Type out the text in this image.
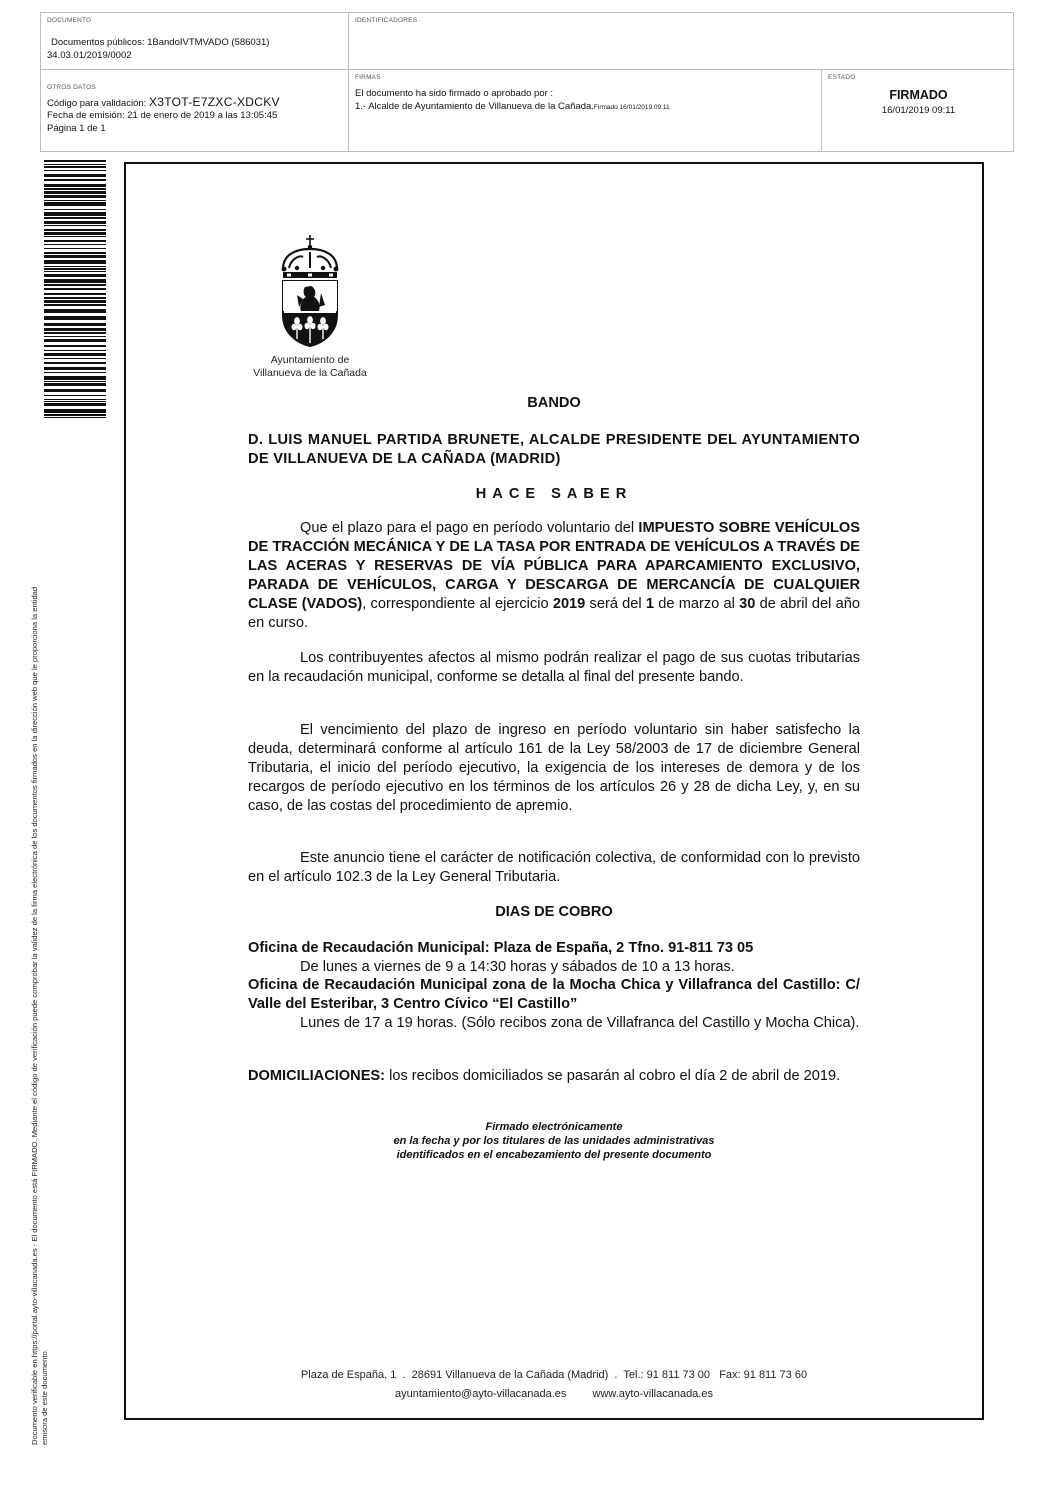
DOCUMENTO
Documentos públicos: 1BandoIVTMVADO (586031)
34.03.01/2019/0002
IDENTIFICADORES
OTROS DATOS
Código para validación: X3TOT-E7ZXC-XDCKV
Fecha de emisión: 21 de enero de 2019 a las 13:05:45
Página 1 de 1
FIRMAS
El documento ha sido firmado o aprobado por :
1.- Alcalde de Ayuntamiento de Villanueva de la Cañada.Firmado 16/01/2019 09:11
ESTADO
FIRMADO
16/01/2019 09:11
Documento verificable en https://portal.ayto-villacanada.es - El documento está FIRMADO. Mediante el código de verificación puede comprobar la validez de la firma electrónica de los documentos firmados en la dirección web que le proporciona la entidad emisora de este documento.
Ayuntamiento de
Villanueva de la Cañada
BANDO
D. LUIS MANUEL PARTIDA BRUNETE, ALCALDE PRESIDENTE DEL AYUNTAMIENTO DE VILLANUEVA DE LA CAÑADA (MADRID)
HACE SABER
Que el plazo para el pago en período voluntario del IMPUESTO SOBRE VEHÍCULOS DE TRACCIÓN MECÁNICA Y DE LA TASA POR ENTRADA DE VEHÍCULOS A TRAVÉS DE LAS ACERAS Y RESERVAS DE VÍA PÚBLICA PARA APARCAMIENTO EXCLUSIVO, PARADA DE VEHÍCULOS, CARGA Y DESCARGA DE MERCANCÍA DE CUALQUIER CLASE (VADOS), correspondiente al ejercicio 2019 será del 1 de marzo al 30 de abril del año en curso.
Los contribuyentes afectos al mismo podrán realizar el pago de sus cuotas tributarias en la recaudación municipal, conforme se detalla al final del presente bando.
El vencimiento del plazo de ingreso en período voluntario sin haber satisfecho la deuda, determinará conforme al artículo 161 de la Ley 58/2003 de 17 de diciembre General Tributaria, el inicio del período ejecutivo, la exigencia de los intereses de demora y de los recargos de período ejecutivo en los términos de los artículos 26 y 28 de dicha Ley, y, en su caso, de las costas del procedimiento de apremio.
Este anuncio tiene el carácter de notificación colectiva, de conformidad con lo previsto en el artículo 102.3 de la Ley General Tributaria.
DIAS DE COBRO
Oficina de Recaudación Municipal: Plaza de España, 2 Tfno. 91-811 73 05
De lunes a viernes de 9 a 14:30 horas y sábados de 10 a 13 horas.
Oficina de Recaudación Municipal zona de la Mocha Chica y Villafranca del Castillo: C/ Valle del Esteribar, 3 Centro Cívico “El Castillo”
Lunes de 17 a 19 horas. (Sólo recibos zona de Villafranca del Castillo y Mocha Chica).
DOMICILIACIONES: los recibos domiciliados se pasarán al cobro el día 2 de abril de 2019.
Firmado electrónicamente
en la fecha y por los titulares de las unidades administrativas
identificados en el encabezamiento del presente documento
Plaza de España, 1  .  28691 Villanueva de la Cañada (Madrid)  .  Tel.: 91 811 73 00   Fax: 91 811 73 60
ayuntamiento@ayto-villacanada.es www.ayto-villacanada.es
